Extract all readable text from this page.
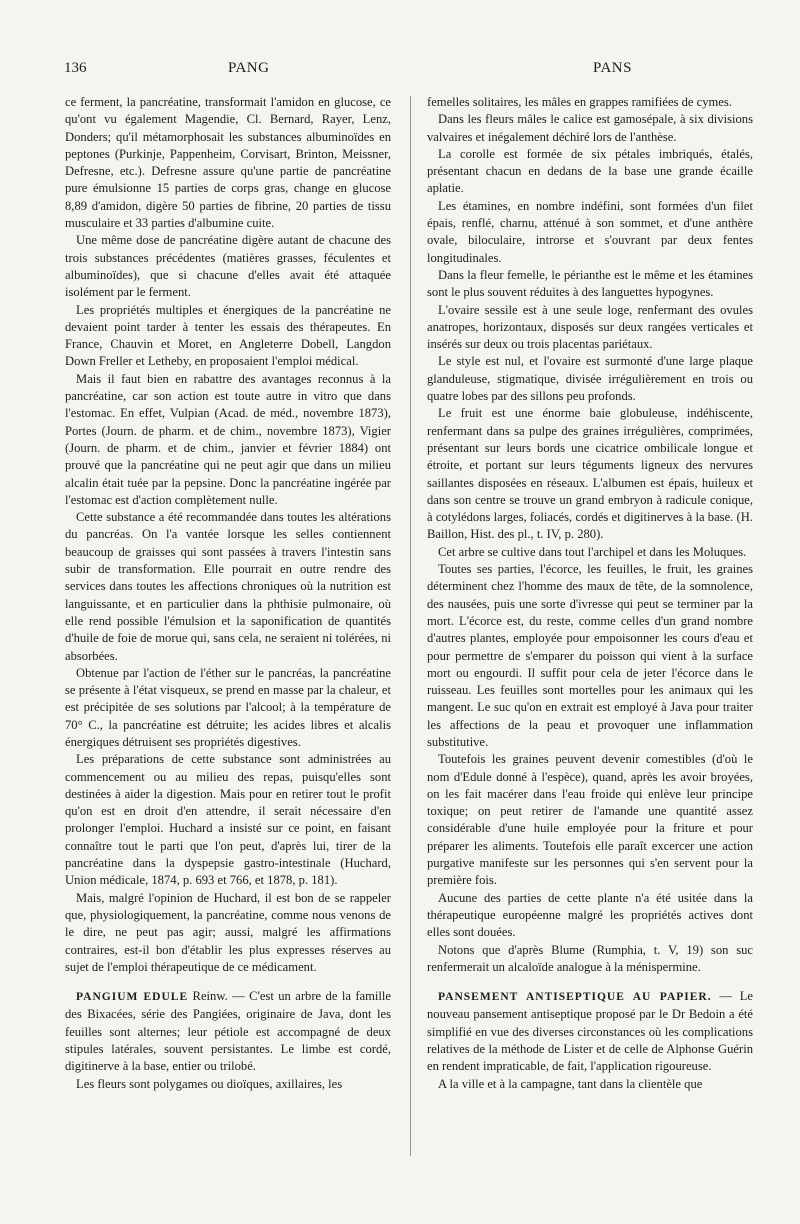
136	PANG	PANS

ce ferment, la pancréatine, transformait l'amidon en glucose, ce qu'ont vu également Magendie, Cl. Bernard, Rayer, Lenz, Donders; qu'il métamorphosait les substances albuminoïdes en peptones (Purkinje, Pappenheim, Corvisart, Brinton, Meissner, Defresne, etc.). Defresne assure qu'une partie de pancréatine pure émulsionne 15 parties de corps gras, change en glucose 8,89 d'amidon, digère 50 parties de fibrine, 20 parties de tissu musculaire et 33 parties d'albumine cuite.

Une même dose de pancréatine digère autant de chacune des trois substances précédentes (matières grasses, féculentes et albuminoïdes), que si chacune d'elles avait été attaquée isolément par le ferment.

Les propriétés multiples et énergiques de la pancréatine ne devaient point tarder à tenter les essais des thérapeutes. En France, Chauvin et Moret, en Angleterre Dobell, Langdon Down Freller et Letheby, en proposaient l'emploi médical.

Mais il faut bien en rabattre des avantages reconnus à la pancréatine, car son action est toute autre in vitro que dans l'estomac. En effet, Vulpian (Acad. de méd., novembre 1873), Portes (Journ. de pharm. et de chim., novembre 1873), Vigier (Journ. de pharm. et de chim., janvier et février 1884) ont prouvé que la pancréatine qui ne peut agir que dans un milieu alcalin était tuée par la pepsine. Donc la pancréatine ingérée par l'estomac est d'action complètement nulle.

Cette substance a été recommandée dans toutes les altérations du pancréas. On l'a vantée lorsque les selles contiennent beaucoup de graisses qui sont passées à travers l'intestin sans subir de transformation. Elle pourrait en outre rendre des services dans toutes les affections chroniques où la nutrition est languissante, et en particulier dans la phthisie pulmonaire, où elle rend possible l'émulsion et la saponification de quantités d'huile de foie de morue qui, sans cela, ne seraient ni tolérées, ni absorbées.

Obtenue par l'action de l'éther sur le pancréas, la pancréatine se présente à l'état visqueux, se prend en masse par la chaleur, et est précipitée de ses solutions par l'alcool; à la température de 70° C., la pancréatine est détruite; les acides libres et alcalis énergiques détruisent ses propriétés digestives.

Les préparations de cette substance sont administrées au commencement ou au milieu des repas, puisqu'elles sont destinées à aider la digestion. Mais pour en retirer tout le profit qu'on est en droit d'en attendre, il serait nécessaire d'en prolonger l'emploi. Huchard a insisté sur ce point, en faisant connaître tout le parti que l'on peut, d'après lui, tirer de la pancréatine dans la dyspepsie gastro-intestinale (Huchard, Union médicale, 1874, p. 693 et 766, et 1878, p. 181).

Mais, malgré l'opinion de Huchard, il est bon de se rappeler que, physiologiquement, la pancréatine, comme nous venons de le dire, ne peut pas agir; aussi, malgré les affirmations contraires, est-il bon d'établir les plus expresses réserves au sujet de l'emploi thérapeutique de ce médicament.

PANGIUM EDULE Reinw. — C'est un arbre de la famille des Bixacées, série des Pangiées, originaire de Java, dont les feuilles sont alternes; leur pétiole est accompagné de deux stipules latérales, souvent persistantes. Le limbe est cordé, digitinerve à la base, entier ou trilobé.

Les fleurs sont polygames ou dioïques, axillaires, les

femelles solitaires, les mâles en grappes ramifiées de cymes.

Dans les fleurs mâles le calice est gamosépale, à six divisions valvaires et inégalement déchiré lors de l'anthèse.

La corolle est formée de six pétales imbriqués, étalés, présentant chacun en dedans de la base une grande écaille aplatie.

Les étamines, en nombre indéfini, sont formées d'un filet épais, renflé, charnu, atténué à son sommet, et d'une anthère ovale, biloculaire, introrse et s'ouvrant par deux fentes longitudinales.

Dans la fleur femelle, le périanthe est le même et les étamines sont le plus souvent réduites à des languettes hypogynes.

L'ovaire sessile est à une seule loge, renfermant des ovules anatropes, horizontaux, disposés sur deux rangées verticales et insérés sur deux ou trois placentas pariétaux.

Le style est nul, et l'ovaire est surmonté d'une large plaque glanduleuse, stigmatique, divisée irrégulièrement en trois ou quatre lobes par des sillons peu profonds.

Le fruit est une énorme baie globuleuse, indéhiscente, renfermant dans sa pulpe des graines irrégulières, comprimées, présentant sur leurs bords une cicatrice ombilicale longue et étroite, et portant sur leurs téguments ligneux des nervures saillantes disposées en réseaux. L'albumen est épais, huileux et dans son centre se trouve un grand embryon à radicule conique, à cotylédons larges, foliacés, cordés et digitinerves à la base. (H. Baillon, Hist. des pl., t. IV, p. 280).

Cet arbre se cultive dans tout l'archipel et dans les Moluques.

Toutes ses parties, l'écorce, les feuilles, le fruit, les graines déterminent chez l'homme des maux de tête, de la somnolence, des nausées, puis une sorte d'ivresse qui peut se terminer par la mort. L'écorce est, du reste, comme celles d'un grand nombre d'autres plantes, employée pour empoisonner les cours d'eau et pour permettre de s'emparer du poisson qui vient à la surface mort ou engourdi. Il suffit pour cela de jeter l'écorce dans le ruisseau. Les feuilles sont mortelles pour les animaux qui les mangent. Le suc qu'on en extrait est employé à Java pour traiter les affections de la peau et provoquer une inflammation substitutive.

Toutefois les graines peuvent devenir comestibles (d'où le nom d'Edule donné à l'espèce), quand, après les avoir broyées, on les fait macérer dans l'eau froide qui enlève leur principe toxique; on peut retirer de l'amande une quantité assez considérable d'une huile employée pour la friture et pour préparer les aliments. Toutefois elle paraît excercer une action purgative manifeste sur les personnes qui s'en servent pour la première fois.

Aucune des parties de cette plante n'a été usitée dans la thérapeutique européenne malgré les propriétés actives dont elles sont douées.

Notons que d'après Blume (Rumphia, t. V, 19) son suc renfermerait un alcaloïde analogue à la ménispermine.

PANSEMENT ANTISEPTIQUE AU PAPIER. — Le nouveau pansement antiseptique proposé par le Dr Bedoin a été simplifié en vue des diverses circonstances où les complications relatives de la méthode de Lister et de celle de Alphonse Guérin en rendent impraticable, de fait, l'application rigoureuse.

A la ville et à la campagne, tant dans la clientèle que
